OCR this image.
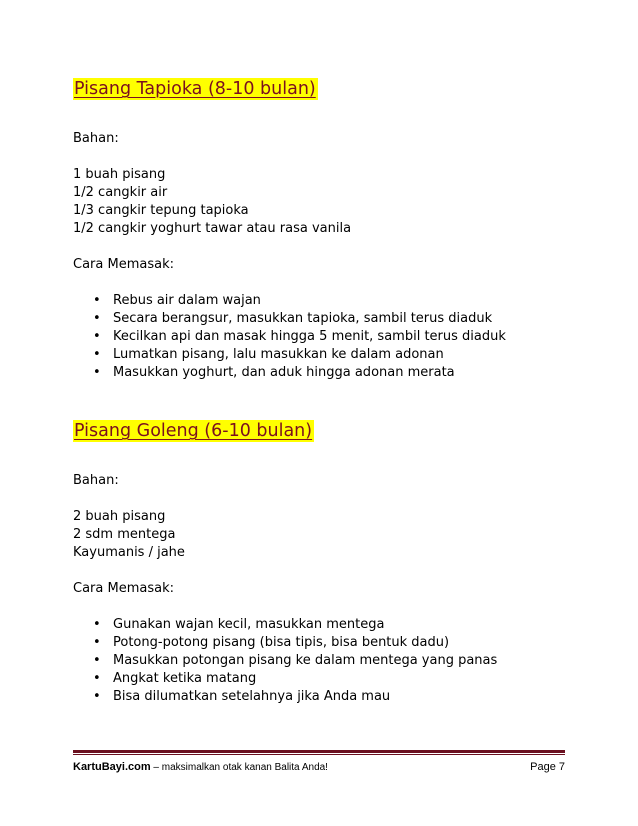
Pisang Tapioka (8-10 bulan)

Bahan:

1 buah pisang
1/2 cangkir air
1/3 cangkir tepung tapioka
1/2 cangkir yoghurt tawar atau rasa vanila

Cara Memasak:

• Rebus air dalam wajan
• Secara berangsur, masukkan tapioka, sambil terus diaduk
• Kecilkan api dan masak hingga 5 menit, sambil terus diaduk
• Lumatkan pisang, lalu masukkan ke dalam adonan
• Masukkan yoghurt, dan aduk hingga adonan merata
Pisang Goleng (6-10 bulan)

Bahan:

2 buah pisang
2 sdm mentega
Kayumanis / jahe

Cara Memasak:

• Gunakan wajan kecil, masukkan mentega
• Potong-potong pisang (bisa tipis, bisa bentuk dadu)
• Masukkan potongan pisang ke dalam mentega yang panas
• Angkat ketika matang
• Bisa dilumatkan setelahnya jika Anda mau
KartuBayi.com – maksimalkan otak kanan Balita Anda!	Page 7
